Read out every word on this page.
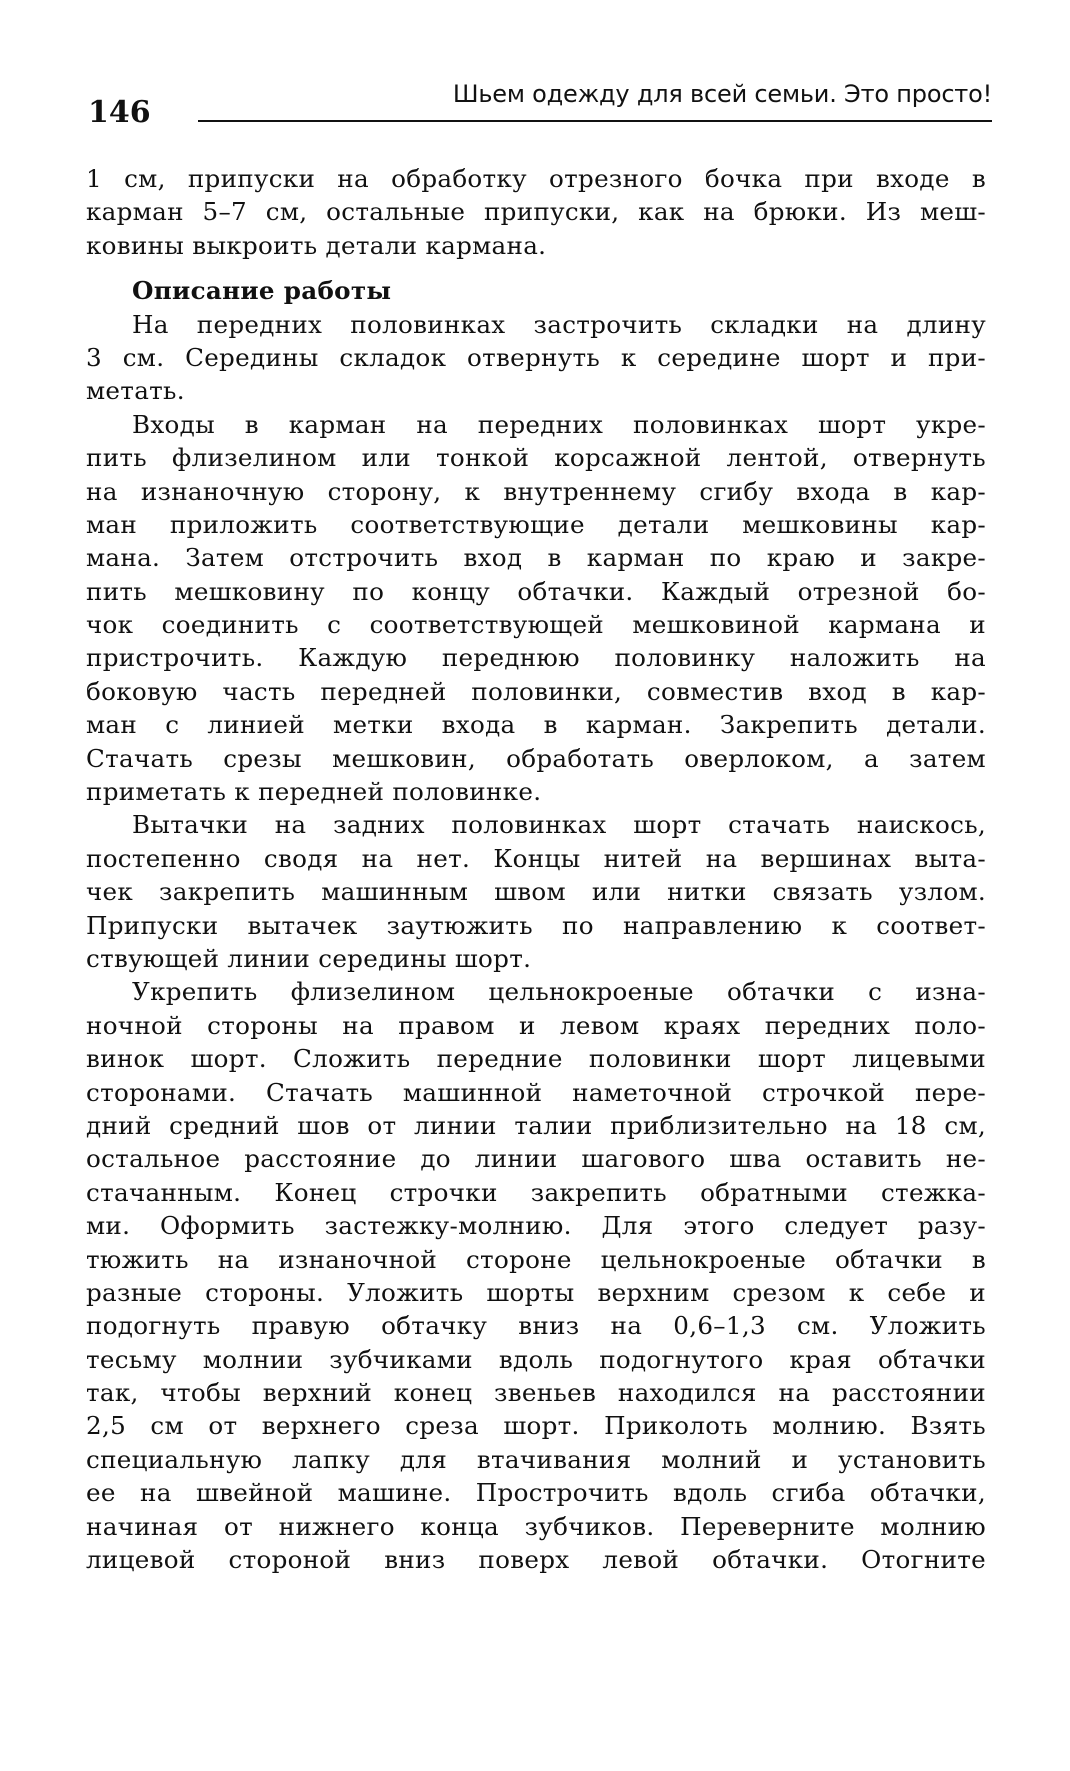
146
Шьем одежду для всей семьи. Это просто!
1 см, припуски на обработку отрезного бочка при входе в
карман 5–7 см, остальные припуски, как на брюки. Из меш-
ковины выкроить детали кармана.
Описание работы
На передних половинках застрочить складки на длину
3 см. Середины складок отвернуть к середине шорт и при-
метать.
Входы в карман на передних половинках шорт укре-
пить флизелином или тонкой корсажной лентой, отвернуть
на изнаночную сторону, к внутреннему сгибу входа в кар-
ман приложить соответствующие детали мешковины кар-
мана. Затем отстрочить вход в карман по краю и закре-
пить мешковину по концу обтачки. Каждый отрезной бо-
чок соединить с соответствующей мешковиной кармана и
пристрочить. Каждую переднюю половинку наложить на
боковую часть передней половинки, совместив вход в кар-
ман с линией метки входа в карман. Закрепить детали.
Стачать срезы мешковин, обработать оверлоком, а затем
приметать к передней половинке.
Вытачки на задних половинках шорт стачать наискось,
постепенно сводя на нет. Концы нитей на вершинах выта-
чек закрепить машинным швом или нитки связать узлом.
Припуски вытачек заутюжить по направлению к соответ-
ствующей линии середины шорт.
Укрепить флизелином цельнокроеные обтачки с изна-
ночной стороны на правом и левом краях передних поло-
винок шорт. Сложить передние половинки шорт лицевыми
сторонами. Стачать машинной наметочной строчкой пере-
дний средний шов от линии талии приблизительно на 18 см,
остальное расстояние до линии шагового шва оставить не-
стачанным. Конец строчки закрепить обратными стежка-
ми. Оформить застежку-молнию. Для этого следует разу-
тюжить на изнаночной стороне цельнокроеные обтачки в
разные стороны. Уложить шорты верхним срезом к себе и
подогнуть правую обтачку вниз на 0,6–1,3 см. Уложить
тесьму молнии зубчиками вдоль подогнутого края обтачки
так, чтобы верхний конец звеньев находился на расстоянии
2,5 см от верхнего среза шорт. Приколоть молнию. Взять
специальную лапку для втачивания молний и установить
ее на швейной машине. Прострочить вдоль сгиба обтачки,
начиная от нижнего конца зубчиков. Переверните молнию
лицевой стороной вниз поверх левой обтачки. Отогните
